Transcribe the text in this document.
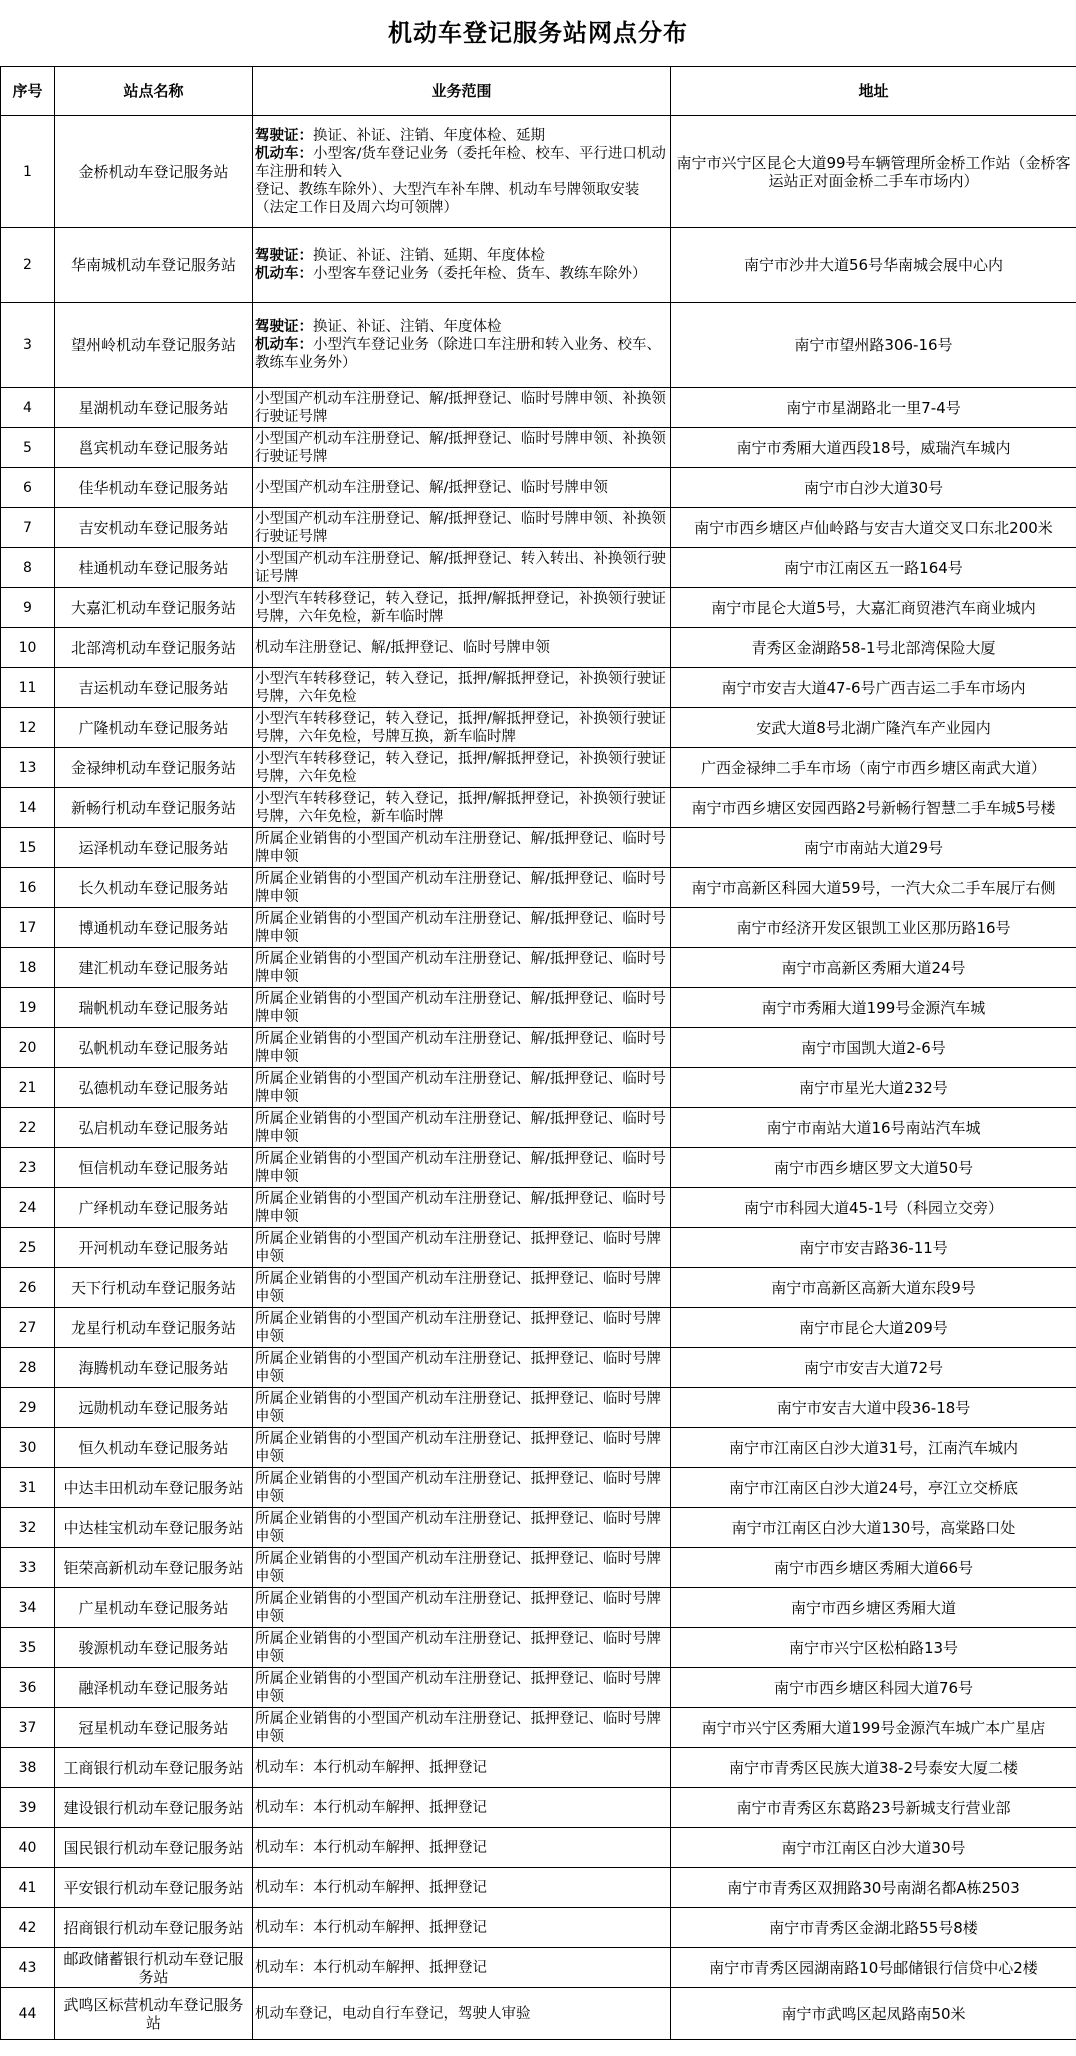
机动车登记服务站网点分布
序号	站点名称	业务范围	地址
1	金桥机动车登记服务站	驾驶证：换证、补证、注销、年度体检、延期
机动车：小型客/货车登记业务（委托年检、校车、平行进口机动车注册和转入
登记、教练车除外）、大型汽车补车牌、机动车号牌领取安装（法定工作日及周六均可领牌）	南宁市兴宁区昆仑大道99号车辆管理所金桥工作站（金桥客运站正对面金桥二手车市场内）
2	华南城机动车登记服务站	驾驶证：换证、补证、注销、延期、年度体检
机动车：小型客车登记业务（委托年检、货车、教练车除外）	南宁市沙井大道56号华南城会展中心内
3	望州岭机动车登记服务站	驾驶证：换证、补证、注销、年度体检
机动车：小型汽车登记业务（除进口车注册和转入业务、校车、教练车业务外）	南宁市望州路306-16号
4	星湖机动车登记服务站	小型国产机动车注册登记、解/抵押登记、临时号牌申领、补换领行驶证号牌	南宁市星湖路北一里7-4号
5	邕宾机动车登记服务站	小型国产机动车注册登记、解/抵押登记、临时号牌申领、补换领行驶证号牌	南宁市秀厢大道西段18号，威瑞汽车城内
6	佳华机动车登记服务站	小型国产机动车注册登记、解/抵押登记、临时号牌申领	南宁市白沙大道30号
7	吉安机动车登记服务站	小型国产机动车注册登记、解/抵押登记、临时号牌申领、补换领行驶证号牌	南宁市西乡塘区卢仙岭路与安吉大道交叉口东北200米
8	桂通机动车登记服务站	小型国产机动车注册登记、解/抵押登记、转入转出、补换领行驶证号牌	南宁市江南区五一路164号
9	大嘉汇机动车登记服务站	小型汽车转移登记，转入登记，抵押/解抵押登记，补换领行驶证号牌，六年免检，新车临时牌	南宁市昆仑大道5号，大嘉汇商贸港汽车商业城内
10	北部湾机动车登记服务站	机动车注册登记、解/抵押登记、临时号牌申领	青秀区金湖路58-1号北部湾保险大厦
11	吉运机动车登记服务站	小型汽车转移登记，转入登记，抵押/解抵押登记，补换领行驶证号牌，六年免检	南宁市安吉大道47-6号广西吉运二手车市场内
12	广隆机动车登记服务站	小型汽车转移登记，转入登记，抵押/解抵押登记，补换领行驶证号牌，六年免检，号牌互换，新车临时牌	安武大道8号北湖广隆汽车产业园内
13	金禄绅机动车登记服务站	小型汽车转移登记，转入登记，抵押/解抵押登记，补换领行驶证号牌，六年免检	广西金禄绅二手车市场（南宁市西乡塘区南武大道）
14	新畅行机动车登记服务站	小型汽车转移登记，转入登记，抵押/解抵押登记，补换领行驶证号牌，六年免检，新车临时牌	南宁市西乡塘区安园西路2号新畅行智慧二手车城5号楼
15	运泽机动车登记服务站	所属企业销售的小型国产机动车注册登记、解/抵押登记、临时号牌申领	南宁市南站大道29号
16	长久机动车登记服务站	所属企业销售的小型国产机动车注册登记、解/抵押登记、临时号牌申领	南宁市高新区科园大道59号，一汽大众二手车展厅右侧
17	博通机动车登记服务站	所属企业销售的小型国产机动车注册登记、解/抵押登记、临时号牌申领	南宁市经济开发区银凯工业区那历路16号
18	建汇机动车登记服务站	所属企业销售的小型国产机动车注册登记、解/抵押登记、临时号牌申领	南宁市高新区秀厢大道24号
19	瑞帆机动车登记服务站	所属企业销售的小型国产机动车注册登记、解/抵押登记、临时号牌申领	南宁市秀厢大道199号金源汽车城
20	弘帆机动车登记服务站	所属企业销售的小型国产机动车注册登记、解/抵押登记、临时号牌申领	南宁市国凯大道2-6号
21	弘德机动车登记服务站	所属企业销售的小型国产机动车注册登记、解/抵押登记、临时号牌申领	南宁市星光大道232号
22	弘启机动车登记服务站	所属企业销售的小型国产机动车注册登记、解/抵押登记、临时号牌申领	南宁市南站大道16号南站汽车城
23	恒信机动车登记服务站	所属企业销售的小型国产机动车注册登记、解/抵押登记、临时号牌申领	南宁市西乡塘区罗文大道50号
24	广绎机动车登记服务站	所属企业销售的小型国产机动车注册登记、解/抵押登记、临时号牌申领	南宁市科园大道45-1号（科园立交旁）
25	开河机动车登记服务站	所属企业销售的小型国产机动车注册登记、抵押登记、临时号牌申领	南宁市安吉路36-11号
26	天下行机动车登记服务站	所属企业销售的小型国产机动车注册登记、抵押登记、临时号牌申领	南宁市高新区高新大道东段9号
27	龙星行机动车登记服务站	所属企业销售的小型国产机动车注册登记、抵押登记、临时号牌申领	南宁市昆仑大道209号
28	海腾机动车登记服务站	所属企业销售的小型国产机动车注册登记、抵押登记、临时号牌申领	南宁市安吉大道72号
29	远勋机动车登记服务站	所属企业销售的小型国产机动车注册登记、抵押登记、临时号牌申领	南宁市安吉大道中段36-18号
30	恒久机动车登记服务站	所属企业销售的小型国产机动车注册登记、抵押登记、临时号牌申领	南宁市江南区白沙大道31号，江南汽车城内
31	中达丰田机动车登记服务站	所属企业销售的小型国产机动车注册登记、抵押登记、临时号牌申领	南宁市江南区白沙大道24号，亭江立交桥底
32	中达桂宝机动车登记服务站	所属企业销售的小型国产机动车注册登记、抵押登记、临时号牌申领	南宁市江南区白沙大道130号，高棠路口处
33	钜荣高新机动车登记服务站	所属企业销售的小型国产机动车注册登记、抵押登记、临时号牌申领	南宁市西乡塘区秀厢大道66号
34	广星机动车登记服务站	所属企业销售的小型国产机动车注册登记、抵押登记、临时号牌申领	南宁市西乡塘区秀厢大道
35	骏源机动车登记服务站	所属企业销售的小型国产机动车注册登记、抵押登记、临时号牌申领	南宁市兴宁区松柏路13号
36	融泽机动车登记服务站	所属企业销售的小型国产机动车注册登记、抵押登记、临时号牌申领	南宁市西乡塘区科园大道76号
37	冠星机动车登记服务站	所属企业销售的小型国产机动车注册登记、抵押登记、临时号牌申领	南宁市兴宁区秀厢大道199号金源汽车城广本广星店
38	工商银行机动车登记服务站	机动车：本行机动车解押、抵押登记	南宁市青秀区民族大道38-2号泰安大厦二楼
39	建设银行机动车登记服务站	机动车：本行机动车解押、抵押登记	南宁市青秀区东葛路23号新城支行营业部
40	国民银行机动车登记服务站	机动车：本行机动车解押、抵押登记	南宁市江南区白沙大道30号
41	平安银行机动车登记服务站	机动车：本行机动车解押、抵押登记	南宁市青秀区双拥路30号南湖名都A栋2503
42	招商银行机动车登记服务站	机动车：本行机动车解押、抵押登记	南宁市青秀区金湖北路55号8楼
43	邮政储蓄银行机动车登记服务站	机动车：本行机动车解押、抵押登记	南宁市青秀区园湖南路10号邮储银行信贷中心2楼
44	武鸣区标营机动车登记服务站	机动车登记，电动自行车登记，驾驶人审验	南宁市武鸣区起凤路南50米
